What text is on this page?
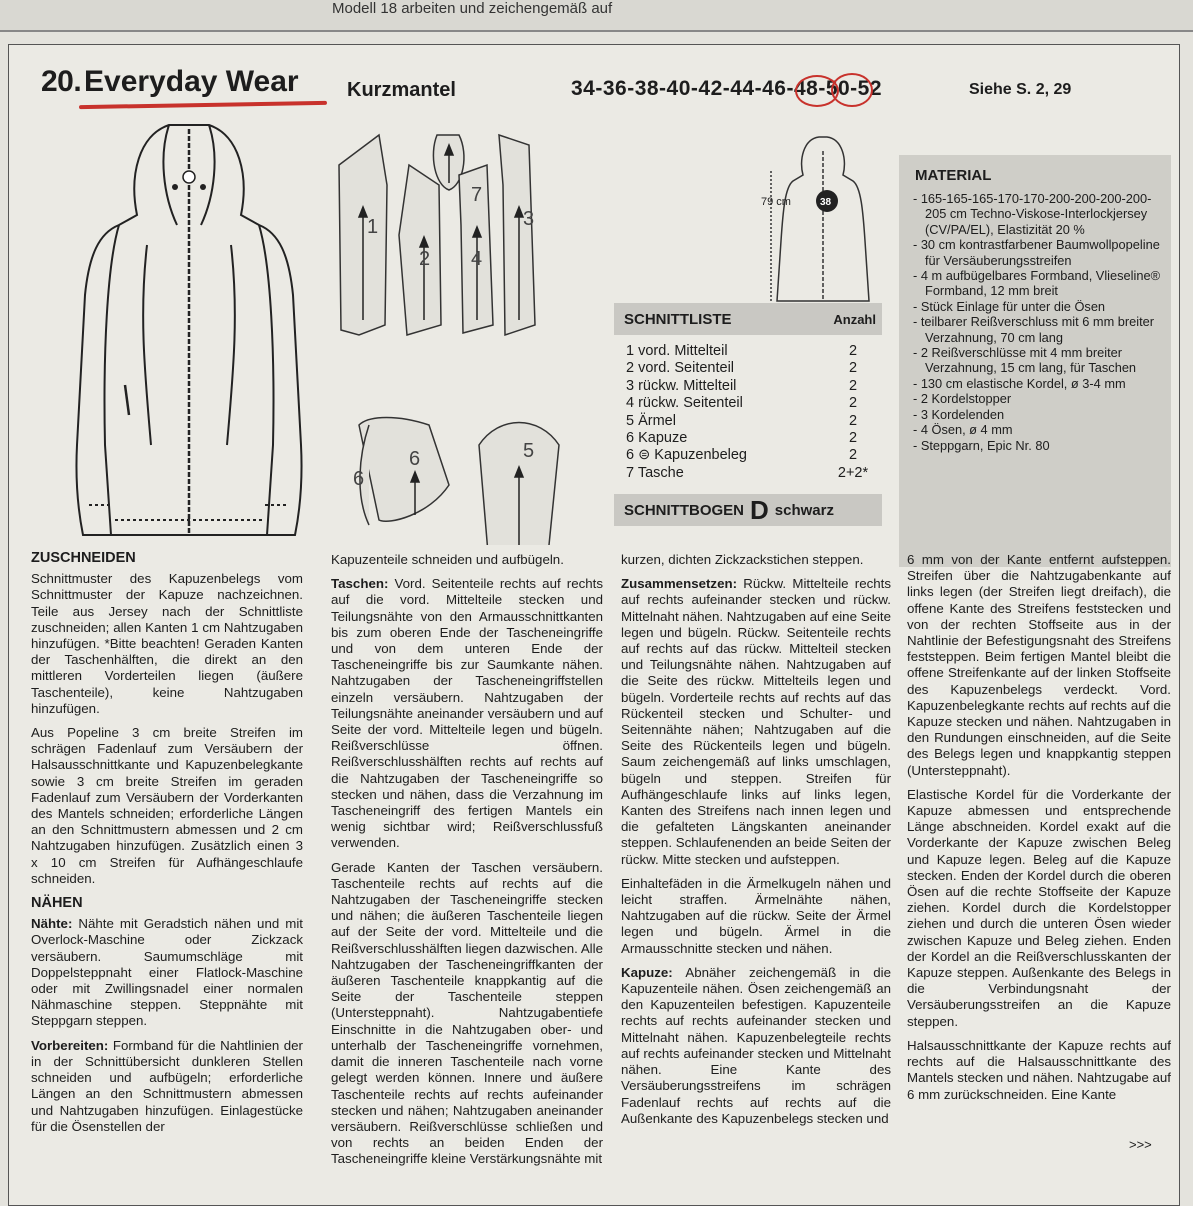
Modell 18 arbeiten und zeichengemäß auf
20. Everyday Wear Kurzmantel	34-36-38-40-42-44-46-48-50-52	Siehe S. 2, 29
1
2
3
4
5
6
6
7	38
79 cm
SCHNITTLISTE	Anzahl
1 vord. Mittelteil	2
2 vord. Seitenteil	2
3 rückw. Mittelteil	2
4 rückw. Seitenteil	2
5 Ärmel	2
6 Kapuze	2
6 ⊜ Kapuzenbeleg	2
7 Tasche	2+2*
SCHNITTBOGEN D schwarz
MATERIAL
- 165-165-165-170-170-200-200-200-200-205 cm Techno-Viskose-Interlockjersey (CV/PA/EL), Elastizität 20 %
- 30 cm kontrastfarbener Baumwollpopeline für Versäuberungsstreifen
- 4 m aufbügelbares Formband, Vlieseline® Formband, 12 mm breit
- Stück Einlage für unter die Ösen
- teilbarer Reißverschluss mit 6 mm breiter Verzahnung, 70 cm lang
- 2 Reißverschlüsse mit 4 mm breiter Verzahnung, 15 cm lang, für Taschen
- 130 cm elastische Kordel, ø 3-4 mm
- 2 Kordelstopper
- 3 Kordelenden
- 4 Ösen, ø 4 mm
- Steppgarn, Epic Nr. 80
ZUSCHNEIDEN

Schnittmuster des Kapuzenbelegs vom Schnittmuster der Kapuze nachzeichnen. Teile aus Jersey nach der Schnittliste zuschneiden; allen Kanten 1 cm Nahtzugaben hinzufügen. *Bitte beachten! Geraden Kanten der Taschenhälften, die direkt an den mittleren Vorderteilen liegen (äußere Taschenteile), keine Nahtzugaben hinzufügen.

Aus Popeline 3 cm breite Streifen im schrägen Fadenlauf zum Versäubern der Halsausschnittkante und Kapuzenbelegkante sowie 3 cm breite Streifen im geraden Fadenlauf zum Versäubern der Vorderkanten des Mantels schneiden; erforderliche Längen an den Schnittmustern abmessen und 2 cm Nahtzugaben hinzufügen. Zusätzlich einen 3 x 10 cm Streifen für Aufhängeschlaufe schneiden.

NÄHEN

Nähte: Nähte mit Geradstich nähen und mit Overlock-Maschine oder Zickzack versäubern. Saumumschläge mit Doppelsteppnaht einer Flatlock-Maschine oder mit Zwillingsnadel einer normalen Nähmaschine steppen. Steppnähte mit Steppgarn steppen.

Vorbereiten: Formband für die Nahtlinien der in der Schnittübersicht dunkleren Stellen schneiden und aufbügeln; erforderliche Längen an den Schnittmustern abmessen und Nahtzugaben hinzufügen. Einlagestücke für die Ösenstellen der

Kapuzenteile schneiden und aufbügeln.

Taschen: Vord. Seitenteile rechts auf rechts auf die vord. Mittelteile stecken und Teilungsnähte von den Armausschnittkanten bis zum oberen Ende der Tascheneingriffe und von dem unteren Ende der Tascheneingriffe bis zur Saumkante nähen. Nahtzugaben der Tascheneingriffstellen einzeln versäubern. Nahtzugaben der Teilungsnähte aneinander versäubern und auf Seite der vord. Mittelteile legen und bügeln. Reißverschlüsse öffnen. Reißverschlusshälften rechts auf rechts auf die Nahtzugaben der Tascheneingriffe so stecken und nähen, dass die Verzahnung im Tascheneingriff des fertigen Mantels ein wenig sichtbar wird; Reißverschlussfuß verwenden.

Gerade Kanten der Taschen versäubern. Taschenteile rechts auf rechts auf die Nahtzugaben der Tascheneingriffe stecken und nähen; die äußeren Taschenteile liegen auf der Seite der vord. Mittelteile und die Reißverschlusshälften liegen dazwischen. Alle Nahtzugaben der Tascheneingriffkanten der äußeren Taschenteile knappkantig auf die Seite der Taschenteile steppen (Untersteppnaht). Nahtzugabentiefe Einschnitte in die Nahtzugaben ober- und unterhalb der Tascheneingriffe vornehmen, damit die inneren Taschenteile nach vorne gelegt werden können. Innere und äußere Taschenteile rechts auf rechts aufeinander stecken und nähen; Nahtzugaben aneinander versäubern. Reißverschlüsse schließen und von rechts an beiden Enden der Tascheneingriffe kleine Verstärkungsnähte mit

kurzen, dichten Zickzackstichen steppen.

Zusammensetzen: Rückw. Mittelteile rechts auf rechts aufeinander stecken und rückw. Mittelnaht nähen. Nahtzugaben auf eine Seite legen und bügeln. Rückw. Seitenteile rechts auf rechts auf das rückw. Mittelteil stecken und Teilungsnähte nähen. Nahtzugaben auf die Seite des rückw. Mittelteils legen und bügeln. Vorderteile rechts auf rechts auf das Rückenteil stecken und Schulter- und Seitennähte nähen; Nahtzugaben auf die Seite des Rückenteils legen und bügeln. Saum zeichengemäß auf links umschlagen, bügeln und steppen. Streifen für Aufhängeschlaufe links auf links legen, Kanten des Streifens nach innen legen und die gefalteten Längskanten aneinander steppen. Schlaufenenden an beide Seiten der rückw. Mitte stecken und aufsteppen.

Einhaltefäden in die Ärmelkugeln nähen und leicht straffen. Ärmelnähte nähen, Nahtzugaben auf die rückw. Seite der Ärmel legen und bügeln. Ärmel in die Armausschnitte stecken und nähen.

Kapuze: Abnäher zeichengemäß in die Kapuzenteile nähen. Ösen zeichengemäß an den Kapuzenteilen befestigen. Kapuzenteile rechts auf rechts aufeinander stecken und Mittelnaht nähen. Kapuzenbelegteile rechts auf rechts aufeinander stecken und Mittelnaht nähen. Eine Kante des Versäuberungsstreifens im schrägen Fadenlauf rechts auf rechts auf die Außenkante des Kapuzenbelegs stecken und

6 mm von der Kante entfernt aufsteppen. Streifen über die Nahtzugabenkante auf links legen (der Streifen liegt dreifach), die offene Kante des Streifens feststecken und von der rechten Stoffseite aus in der Nahtlinie der Befestigungsnaht des Streifens feststeppen. Beim fertigen Mantel bleibt die offene Streifenkante auf der linken Stoffseite des Kapuzenbelegs verdeckt. Vord. Kapuzenbelegkante rechts auf rechts auf die Kapuze stecken und nähen. Nahtzugaben in den Rundungen einschneiden, auf die Seite des Belegs legen und knappkantig steppen (Untersteppnaht).

Elastische Kordel für die Vorderkante der Kapuze abmessen und entsprechende Länge abschneiden. Kordel exakt auf die Vorderkante der Kapuze zwischen Beleg und Kapuze legen. Beleg auf die Kapuze stecken. Enden der Kordel durch die oberen Ösen auf die rechte Stoffseite der Kapuze ziehen. Kordel durch die Kordelstopper ziehen und durch die unteren Ösen wieder zwischen Kapuze und Beleg ziehen. Enden der Kordel an die Reißverschlusskanten der Kapuze steppen. Außenkante des Belegs in die Verbindungsnaht der Versäuberungsstreifen an die Kapuze steppen.

Halsausschnittkante der Kapuze rechts auf rechts auf die Halsausschnittkante des Mantels stecken und nähen. Nahtzugabe auf 6 mm zurückschneiden. Eine Kante

>>>
